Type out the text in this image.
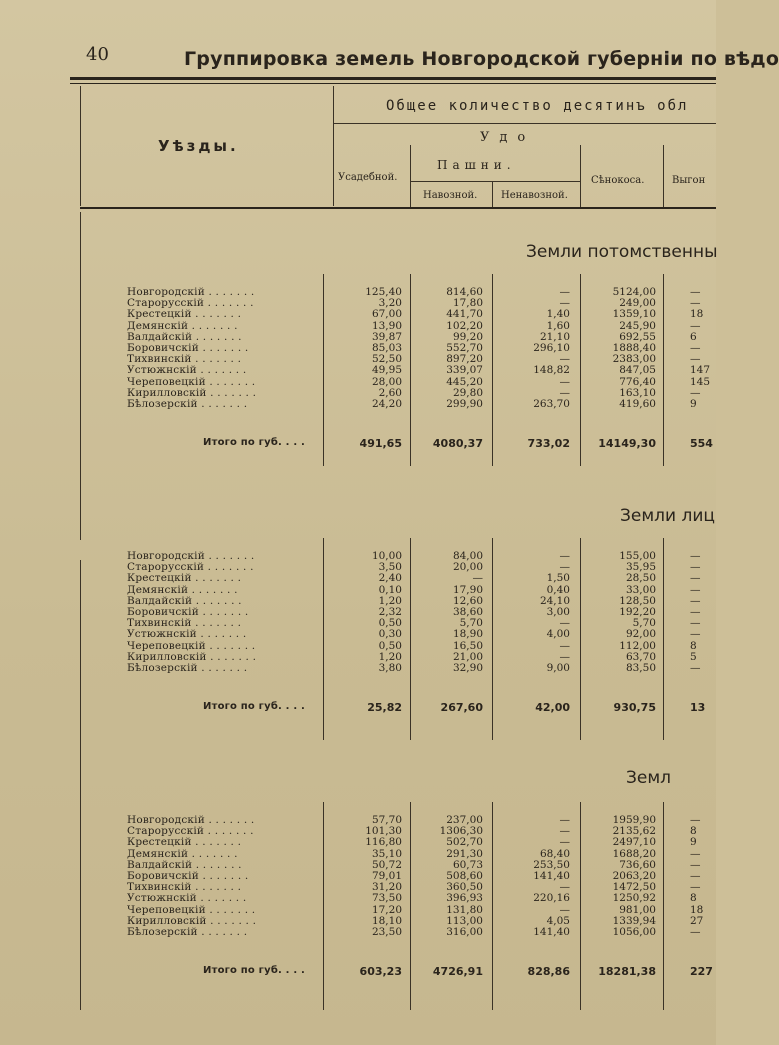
40	Группировка земель Новгородской губерніи по вѣдо
Общее количество десятинъ обл
Уѣзды.	Удо
Пашни.
Усадебной.
Навозной. Ненавозной.
Сѣнокоса.	Выгон
Земли потомственны
Новгородскій . . . . . . .	125,40	814,60	—	5124,00	—
Старорусскій . . . . . . .	3,20	17,80	—	249,00	—
Крестецкій . . . . . . .	67,00	441,70	1,40	1359,10	18
Демянскій . . . . . . .	13,90	102,20	1,60	245,90	—
Валдайскій . . . . . . .	39,87	99,20	21,10	692,55	6
Боровичскій . . . . . . .	85,03	552,70	296,10	1888,40	—
Тихвинскій . . . . . . .	52,50	897,20	—	2383,00	—
Устюжнскій . . . . . . .	49,95	339,07	148,82	847,05	147
Череповецкій . . . . . . .	28,00	445,20	—	776,40	145
Кирилловскій . . . . . . .	2,60	29,80	—	163,10	—
Бѣлозерскій . . . . . . .	24,20	299,90	263,70	419,60	9
Итого по губ. . . .	491,65	4080,37	733,02	14149,30	554
Земли лиц
Новгородскій . . . . . . .	10,00	84,00	—	155,00	—
Старорусскій . . . . . . .	3,50	20,00	—	35,95	—
Крестецкій . . . . . . .	2,40	—	1,50	28,50	—
Демянскій . . . . . . .	0,10	17,90	0,40	33,00	—
Валдайскій . . . . . . .	1,20	12,60	24,10	128,50	—
Боровичскій . . . . . . .	2,32	38,60	3,00	192,20	—
Тихвинскій . . . . . . .	0,50	5,70	—	5,70	—
Устюжнскій . . . . . . .	0,30	18,90	4,00	92,00	—
Череповецкій . . . . . . .	0,50	16,50	—	112,00	8
Кирилловскій . . . . . . .	1,20	21,00	—	63,70	5
Бѣлозерскій . . . . . . .	3,80	32,90	9,00	83,50	—
Итого по губ. . . .	25,82	267,60	42,00	930,75	13
Земл
Новгородскій . . . . . . .	57,70	237,00	—	1959,90	—
Старорусскій . . . . . . .	101,30	1306,30	—	2135,62	8
Крестецкій . . . . . . .	116,80	502,70	—	2497,10	9
Демянскій . . . . . . .	35,10	291,30	68,40	1688,20	—
Валдайскій . . . . . . .	50,72	60,73	253,50	736,60	—
Боровичскій . . . . . . .	79,01	508,60	141,40	2063,20	—
Тихвинскій . . . . . . .	31,20	360,50	—	1472,50	—
Устюжнскій . . . . . . .	73,50	396,93	220,16	1250,92	8
Череповецкій . . . . . . .	17,20	131,80	—	981,00	18
Кирилловскій . . . . . . .	18,10	113,00	4,05	1339,94	27
Бѣлозерскій . . . . . . .	23,50	316,00	141,40	1056,00	—
Итого по губ. . . .	603,23	4726,91	828,86	18281,38	227
